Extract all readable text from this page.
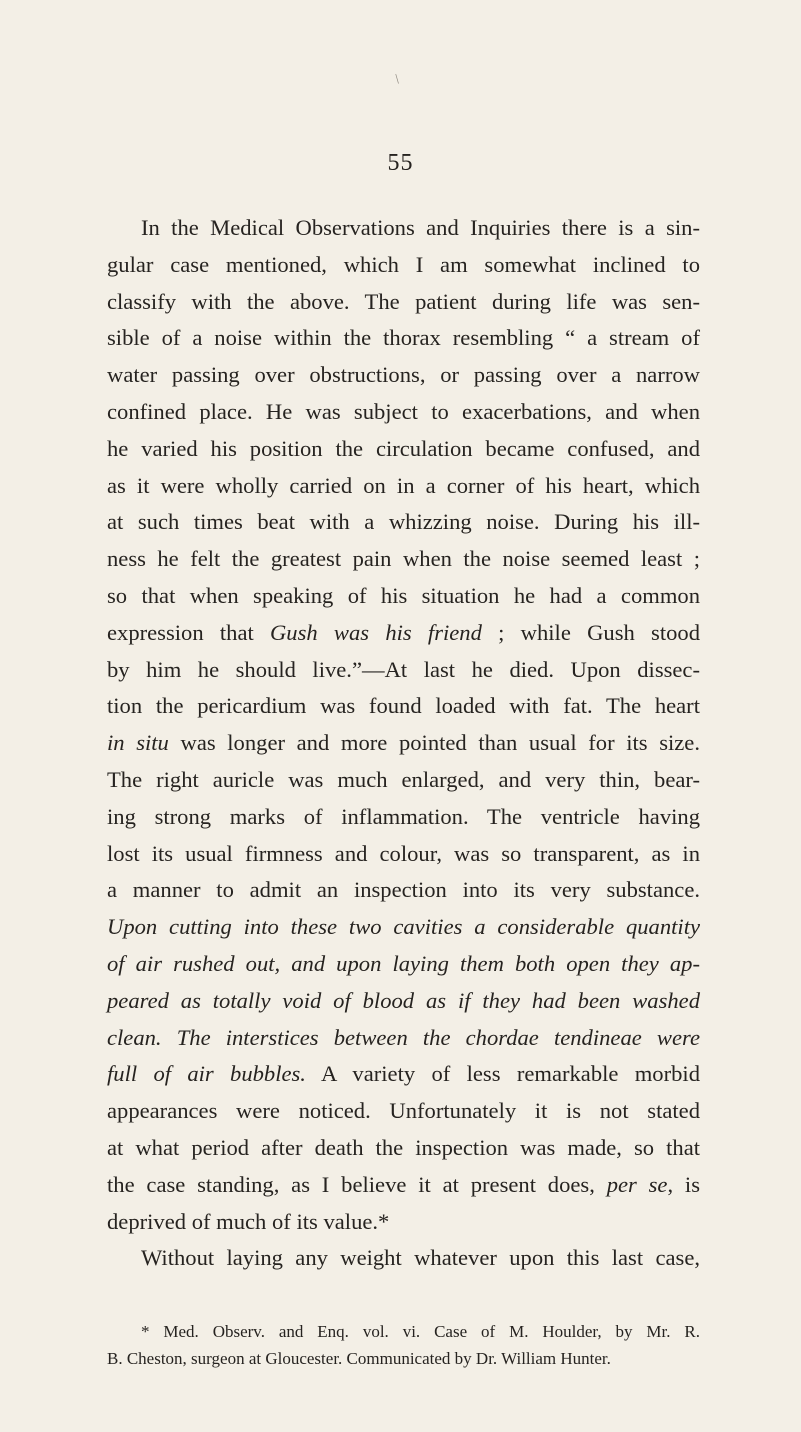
/
55
In the Medical Observations and Inquiries there is a sin-
gular case mentioned, which I am somewhat inclined to
classify with the above. The patient during life was sen-
sible of a noise within the thorax resembling “ a stream of
water passing over obstructions, or passing over a narrow
confined place. He was subject to exacerbations, and when
he varied his position the circulation became confused, and
as it were wholly carried on in a corner of his heart, which
at such times beat with a whizzing noise. During his ill-
ness he felt the greatest pain when the noise seemed least ;
so that when speaking of his situation he had a common
expression that Gush was his friend ; while Gush stood
by him he should live.”—At last he died. Upon dissec-
tion the pericardium was found loaded with fat. The heart
in situ was longer and more pointed than usual for its size.
The right auricle was much enlarged, and very thin, bear-
ing strong marks of inflammation. The ventricle having
lost its usual firmness and colour, was so transparent, as in
a manner to admit an inspection into its very substance.
Upon cutting into these two cavities a considerable quantity
of air rushed out, and upon laying them both open they ap-
peared as totally void of blood as if they had been washed
clean. The interstices between the chordae tendineae were
full of air bubbles. A variety of less remarkable morbid
appearances were noticed. Unfortunately it is not stated
at what period after death the inspection was made, so that
the case standing, as I believe it at present does, per se, is
deprived of much of its value.*
Without laying any weight whatever upon this last case,
* Med. Observ. and Enq. vol. vi. Case of M. Houlder, by Mr. R.
B. Cheston, surgeon at Gloucester. Communicated by Dr. William Hunter.
